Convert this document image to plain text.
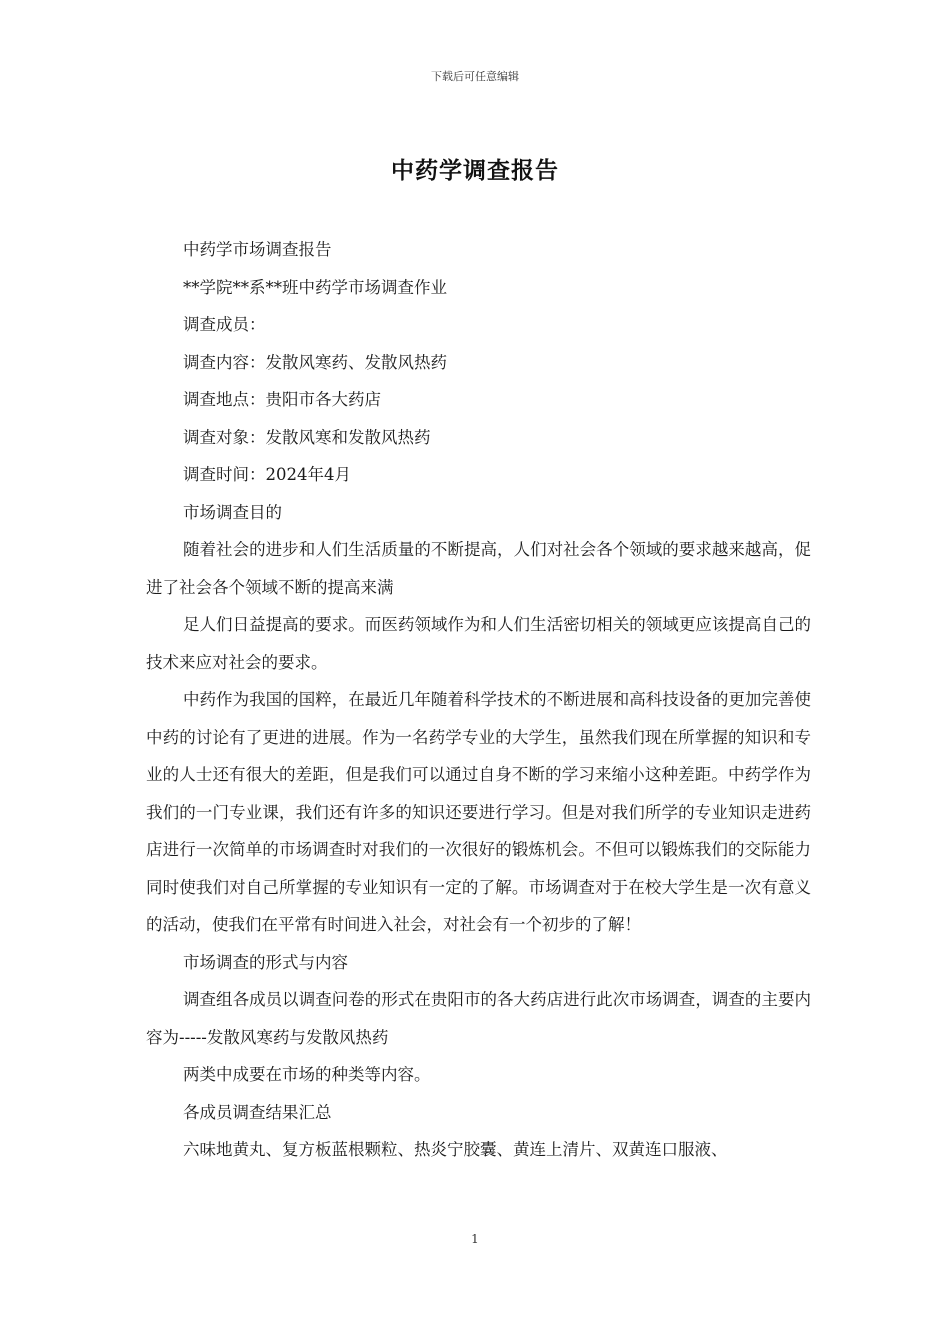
下载后可任意编辑
中药学调查报告

中药学市场调查报告

**学院**系**班中药学市场调查作业

调查成员：

调查内容：发散风寒药、发散风热药

调查地点：贵阳市各大药店

调查对象：发散风寒和发散风热药

调查时间：2024年4月

市场调查目的

随着社会的进步和人们生活质量的不断提高，人们对社会各个领域的要求越来越高，促进了社会各个领域不断的提高来满

足人们日益提高的要求。而医药领域作为和人们生活密切相关的领域更应该提高自己的技术来应对社会的要求。

中药作为我国的国粹，在最近几年随着科学技术的不断进展和高科技设备的更加完善使中药的讨论有了更进的进展。作为一名药学专业的大学生，虽然我们现在所掌握的知识和专业的人士还有很大的差距，但是我们可以通过自身不断的学习来缩小这种差距。中药学作为我们的一门专业课，我们还有许多的知识还要进行学习。但是对我们所学的专业知识走进药店进行一次简单的市场调查时对我们的一次很好的锻炼机会。不但可以锻炼我们的交际能力同时使我们对自己所掌握的专业知识有一定的了解。市场调查对于在校大学生是一次有意义的活动，使我们在平常有时间进入社会，对社会有一个初步的了解！

市场调查的形式与内容

调查组各成员以调查问卷的形式在贵阳市的各大药店进行此次市场调查，调查的主要内容为-----发散风寒药与发散风热药

两类中成要在市场的种类等内容。

各成员调查结果汇总

六味地黄丸、复方板蓝根颗粒、热炎宁胶囊、黄连上清片、双黄连口服液、

1
